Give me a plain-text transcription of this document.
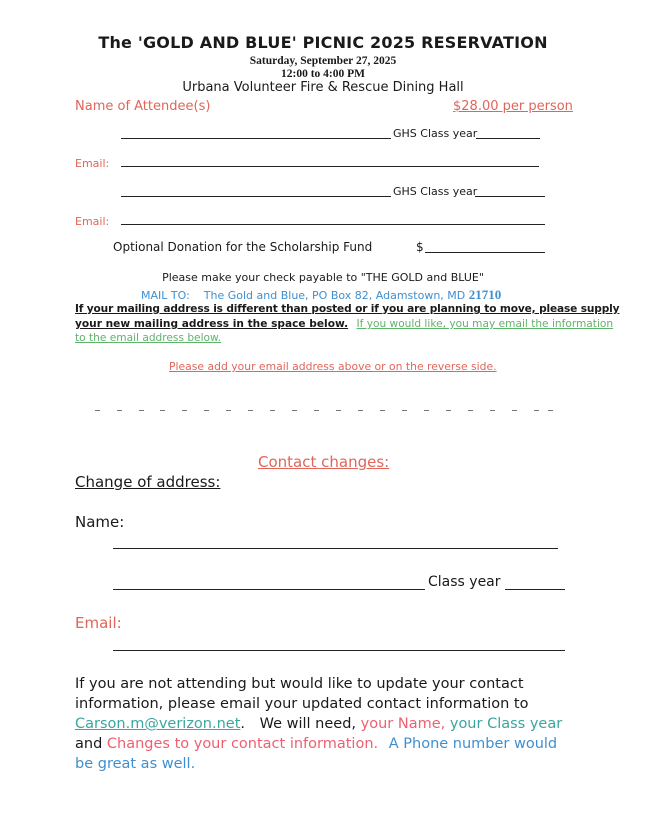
The 'GOLD AND BLUE' PICNIC 2025 RESERVATION
Saturday, September 27, 2025
12:00 to 4:00 PM
Urbana Volunteer Fire & Rescue Dining Hall
Name of Attendee(s)	$28.00 per person
GHS Class year
Email:
GHS Class year
Email:
Optional Donation for the Scholarship Fund	$
Please make your check payable to "THE GOLD and BLUE"
MAIL TO: The Gold and Blue, PO Box 82, Adamstown, MD 21710
If your mailing address is different than posted or if you are planning to move, please supply
your new mailing address in the space below. If you would like, you may email the information
to the email address below.
Please add your email address above or on the reverse side.
Contact changes:
Change of address:
Name:
Class year
Email:
If you are not attending but would like to update your contact
information, please email your updated contact information to
Carson.m@verizon.net. We will need, your Name, your Class year
and Changes to your contact information. A Phone number would
be great as well.
